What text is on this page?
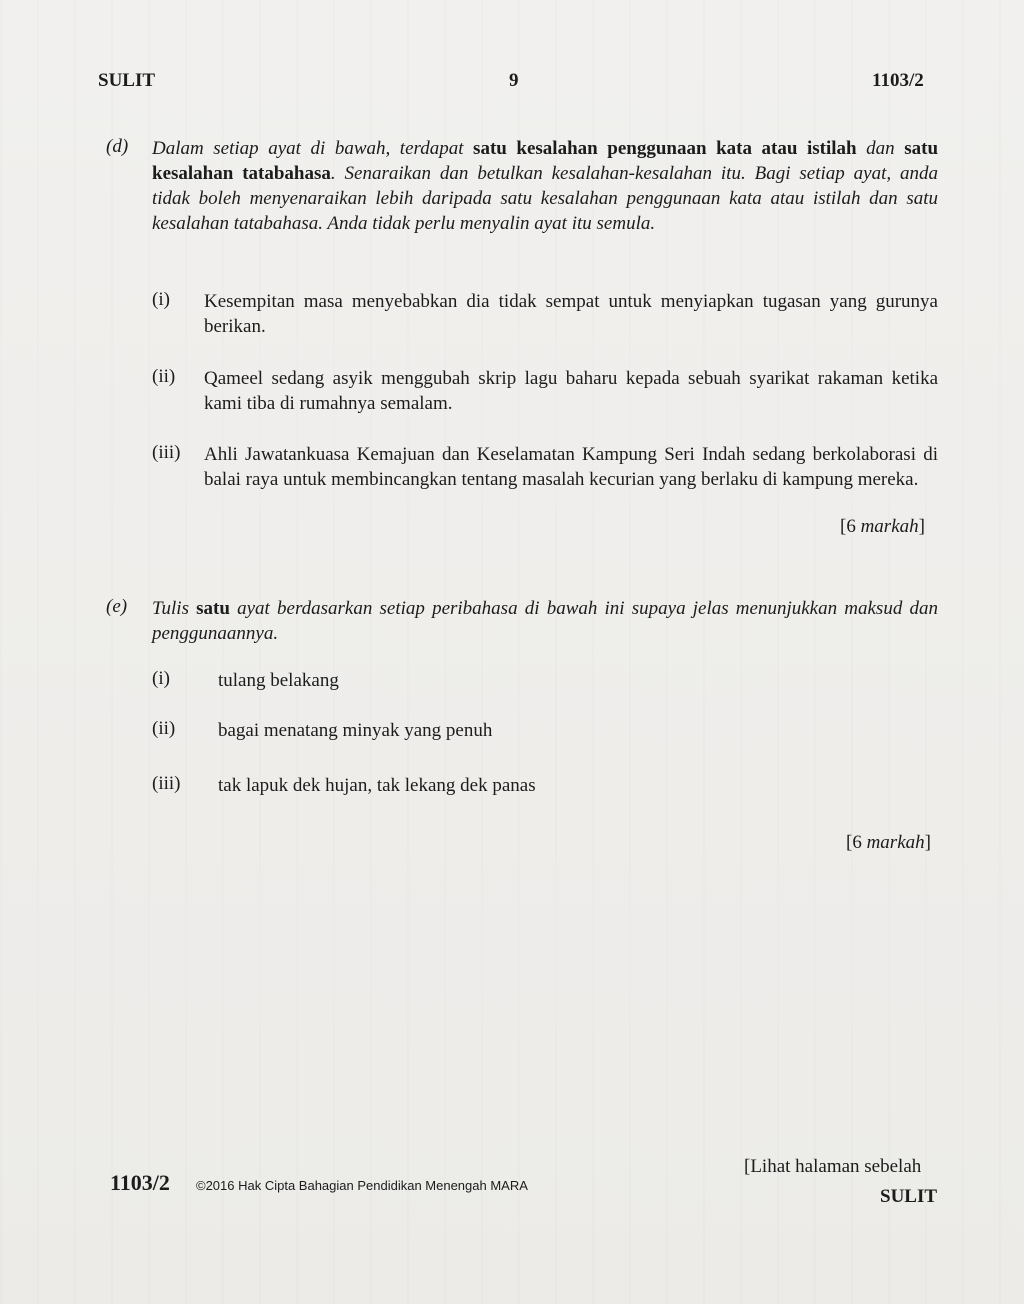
SULIT	9	1103/2
(d) Dalam setiap ayat di bawah, terdapat satu kesalahan penggunaan kata atau istilah dan satu kesalahan tatabahasa. Senaraikan dan betulkan kesalahan-kesalahan itu. Bagi setiap ayat, anda tidak boleh menyenaraikan lebih daripada satu kesalahan penggunaan kata atau istilah dan satu kesalahan tatabahasa. Anda tidak perlu menyalin ayat itu semula.
(i) Kesempitan masa menyebabkan dia tidak sempat untuk menyiapkan tugasan yang gurunya berikan.
(ii) Qameel sedang asyik menggubah skrip lagu baharu kepada sebuah syarikat rakaman ketika kami tiba di rumahnya semalam.
(iii) Ahli Jawatankuasa Kemajuan dan Keselamatan Kampung Seri Indah sedang berkolaborasi di balai raya untuk membincangkan tentang masalah kecurian yang berlaku di kampung mereka.
[6 markah]
(e) Tulis satu ayat berdasarkan setiap peribahasa di bawah ini supaya jelas menunjukkan maksud dan penggunaannya.
(i)	tulang belakang
(ii) bagai menatang minyak yang penuh
(iii) tak lapuk dek hujan, tak lekang dek panas
[6 markah]
1103/2 ©2016 Hak Cipta Bahagian Pendidikan Menengah MARA
[Lihat halaman sebelah
SULIT
